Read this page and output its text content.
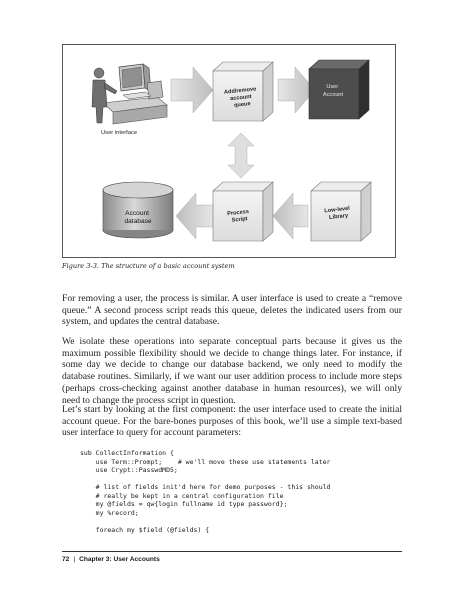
User interface
Add/remove account queue
User Account
Account database
Process Script
Low-level Library
Figure 3-3. The structure of a basic account system

For removing a user, the process is similar. A user interface is used to create a “remove queue.” A second process script reads this queue, deletes the indicated users from our system, and updates the central database.

We isolate these operations into separate conceptual parts because it gives us the maximum possible flexibility should we decide to change things later. For instance, if some day we decide to change our database backend, we only need to modify the database routines. Similarly, if we want our user addition process to include more steps (perhaps cross-checking against another database in human resources), we will only need to change the process script in question.

Let’s start by looking at the first component: the user interface used to create the initial account queue. For the bare-bones purposes of this book, we’ll use a simple text-based user interface to query for account parameters:

sub CollectInformation {
use Term::Prompt;    # we'll move these use statements later
use Crypt::PasswdMD5;

# list of fields init'd here for demo purposes - this should
# really be kept in a central configuration file
my @fields = qw{login fullname id type password};
my %record;

foreach my $field (@fields) {
72 | Chapter 3: User Accounts
